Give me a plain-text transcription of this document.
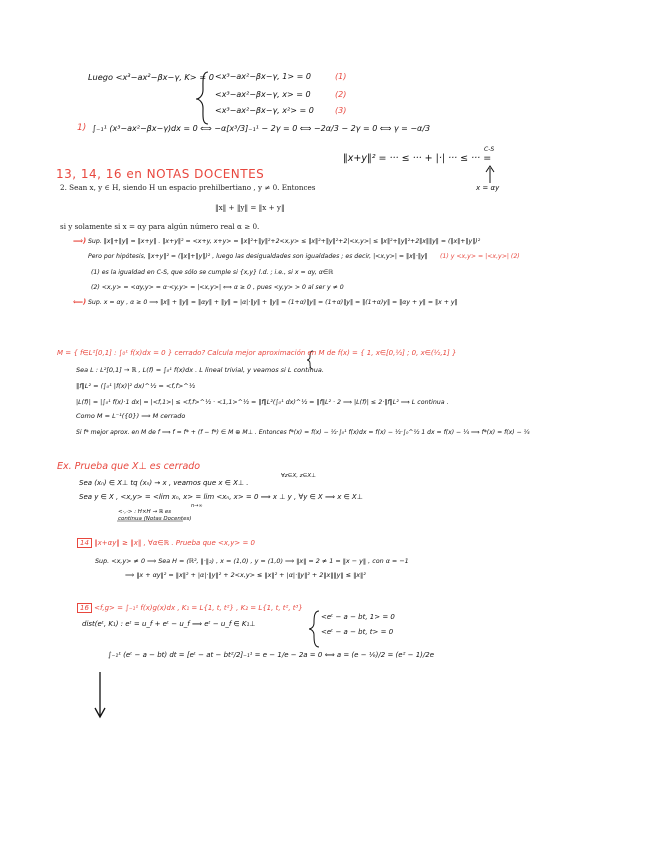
Luego <x³−ax²−βx−γ, K> = 0 <x³−ax²−βx−γ, 1> = 0
<x³−ax²−βx−γ, x> = 0
<x³−ax²−βx−γ, x²> = 0
(1)
(2)
(3)
1) ∫₋₁¹ (x³−ax²−βx−γ)dx = 0 ⟺ −α[x³/3]₋₁¹ − 2γ = 0 ⟺ −2α/3 − 2γ = 0 ⟺ γ = −α/3
13, 14, 16 en NOTAS DOCENTES
‖x+y‖² = ··· ≤ ··· + |·| ··· ≤ ··· =
C-S
x = αy
2. Sean x, y ∈ H, siendo H un espacio prehilbertiano , y ≠ 0. Entonces
‖x‖ + ‖y‖ = ‖x + y‖
si y solamente si x = αy para algún número real α ≥ 0.
⟹) Sup. ‖x‖+‖y‖ = ‖x+y‖ . ‖x+y‖² = <x+y, x+y> = ‖x‖²+‖y‖²+2<x,y> ≤ ‖x‖²+‖y‖²+2|<x,y>| ≤ ‖x‖²+‖y‖²+2‖x‖‖y‖ = (‖x‖+‖y‖)²
Pero por hipótesis, ‖x+y‖² = (‖x‖+‖y‖)² , luego las desigualdades son igualdades ; es decir, |<x,y>| = ‖x‖·‖y‖ (1) y <x,y> = |<x,y>| (2)
(1) es la igualdad en C-S, que sólo se cumple si {x,y} l.d. ; i.e., si x = αy, α∈ℝ
(2) <x,y> = <αy,y> = α·<y,y> = |<x,y>| ⟺ α ≥ 0 , pues <y,y> > 0 al ser y ≠ 0
⟸) Sup. x = αy , α ≥ 0 ⟹ ‖x‖ + ‖y‖ = ‖αy‖ + ‖y‖ = |α|·‖y‖ + ‖y‖ = (1+α)‖y‖ = (1+α)‖y‖ = ‖(1+α)y‖ = ‖αy + y‖ = ‖x + y‖
M = { f∈L²[0,1] : ∫₀¹ f(x)dx = 0 } cerrado? Calcula mejor aproximación en M de f(x) = { 1, x∈[0,½] ; 0, x∈(½,1] }
Sea L : L²[0,1] → ℝ , L(f) = ∫₀¹ f(x)dx . L lineal trivial, y veamos si L continua.
‖f‖L² = (∫₀¹ |f(x)|² dx)^½ = <f,f>^½
|L(f)| = |∫₀¹ f(x)·1 dx| = |<f,1>| ≤ <f,f>^½ · <1,1>^½ = ‖f‖L²(∫₀¹ dx)^½ = ‖f‖L² · 2 ⟹ |L(f)| ≤ 2·‖f‖L² ⟹ L continua .
Como M = L⁻¹({0}) ⟹ M cerrado
Si f* mejor aprox. en M de f ⟹ f = f* + (f − f*) ∈ M ⊕ M⊥ . Entonces f*(x) = f(x) − ½·∫₀¹ f(x)dx = f(x) − ½·∫₀^½ 1 dx = f(x) − ¼ ⟹ f*(x) = f(x) − ¼
Ex. Prueba que X⊥ es cerrado
∀z∈X, z∈X⊥
Sea (xₙ) ∈ X⊥ tq (xₙ) → x , veamos que x ∈ X⊥ .
Sea y ∈ X , <x,y> = <lim xₙ, x> = lim <xₙ, x> = 0 ⟹ x ⊥ y , ∀y ∈ X ⟹ x ∈ X⊥
n→∞
<·,·> : H×H → ℝ es
continua (Notas Docentes)
14 ‖x+αy‖ ≥ ‖x‖ , ∀α∈ℝ . Prueba que <x,y> = 0
Sup. <x,y> ≠ 0 ⟹ Sea H = (ℝ², ‖·‖₂) , x = (1,0) , y = (1,0) ⟹ ‖x‖ = 2 ≠ 1 = ‖x − y‖ , con α = −1
⟹ ‖x + αy‖² = ‖x‖² + |α|·‖y‖² + 2<x,y> ≤ ‖x‖² + |α|·‖y‖² + 2‖x‖‖y‖ ≤ ‖x‖²
16 <f,g> = ∫₋₁¹ f(x)g(x)dx , K₁ = L{1, t, t²} , K₂ = L{1, t, t², t³}
dist(eᵗ, K₁) : eᵗ = u_f + eᵗ − u_f ⟹ eᵗ − u_f ∈ K₁⊥
<eᵗ − a − bt, 1> = 0
<eᵗ − a − bt, t> = 0
∫₋₁¹ (eᵗ − a − bt) dt = [eᵗ − at − bt²/2]₋₁¹ = e − 1/e − 2a = 0 ⟺ a = (e − ¹⁄ₑ)/2 = (e² − 1)/2e
